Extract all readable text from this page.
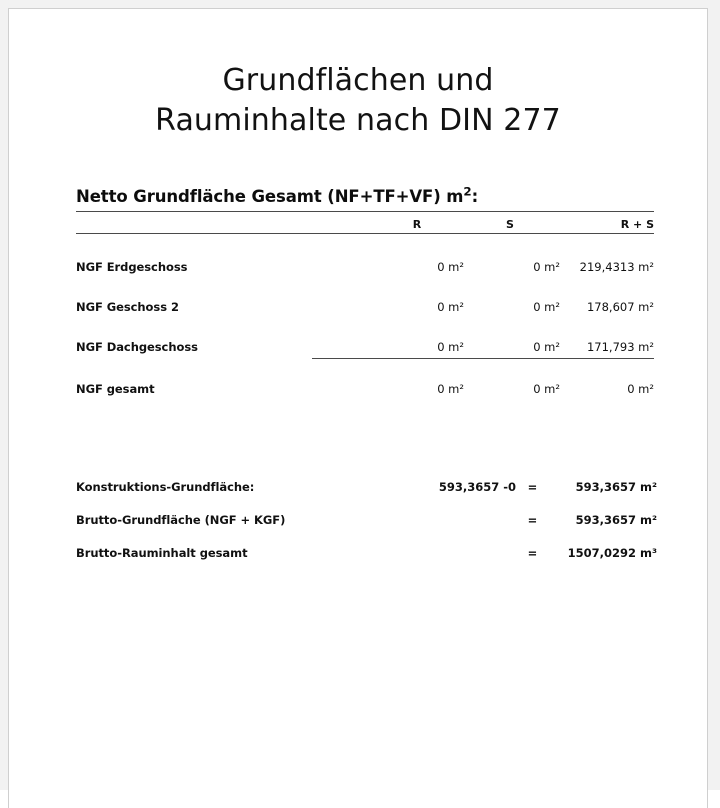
Grundflächen und
Rauminhalte nach DIN 277
Netto Grundfläche Gesamt (NF+TF+VF) $m^2$:
	R	S	R + S

NGF Erdgeschoss	0 m²	0 m²	219,4313 m²
NGF Geschoss 2	0 m²	0 m²	178,607 m²
NGF Dachgeschoss	0 m²	0 m²	171,793 m²

NGF gesamt	0 m²	0 m²	0 m²
Konstruktions-Grundfläche:	593,3657 -0	=	593,3657 m²
Brutto-Grundfläche (NGF + KGF)		=	593,3657 m²
Brutto-Rauminhalt gesamt		=	1507,0292 m³
